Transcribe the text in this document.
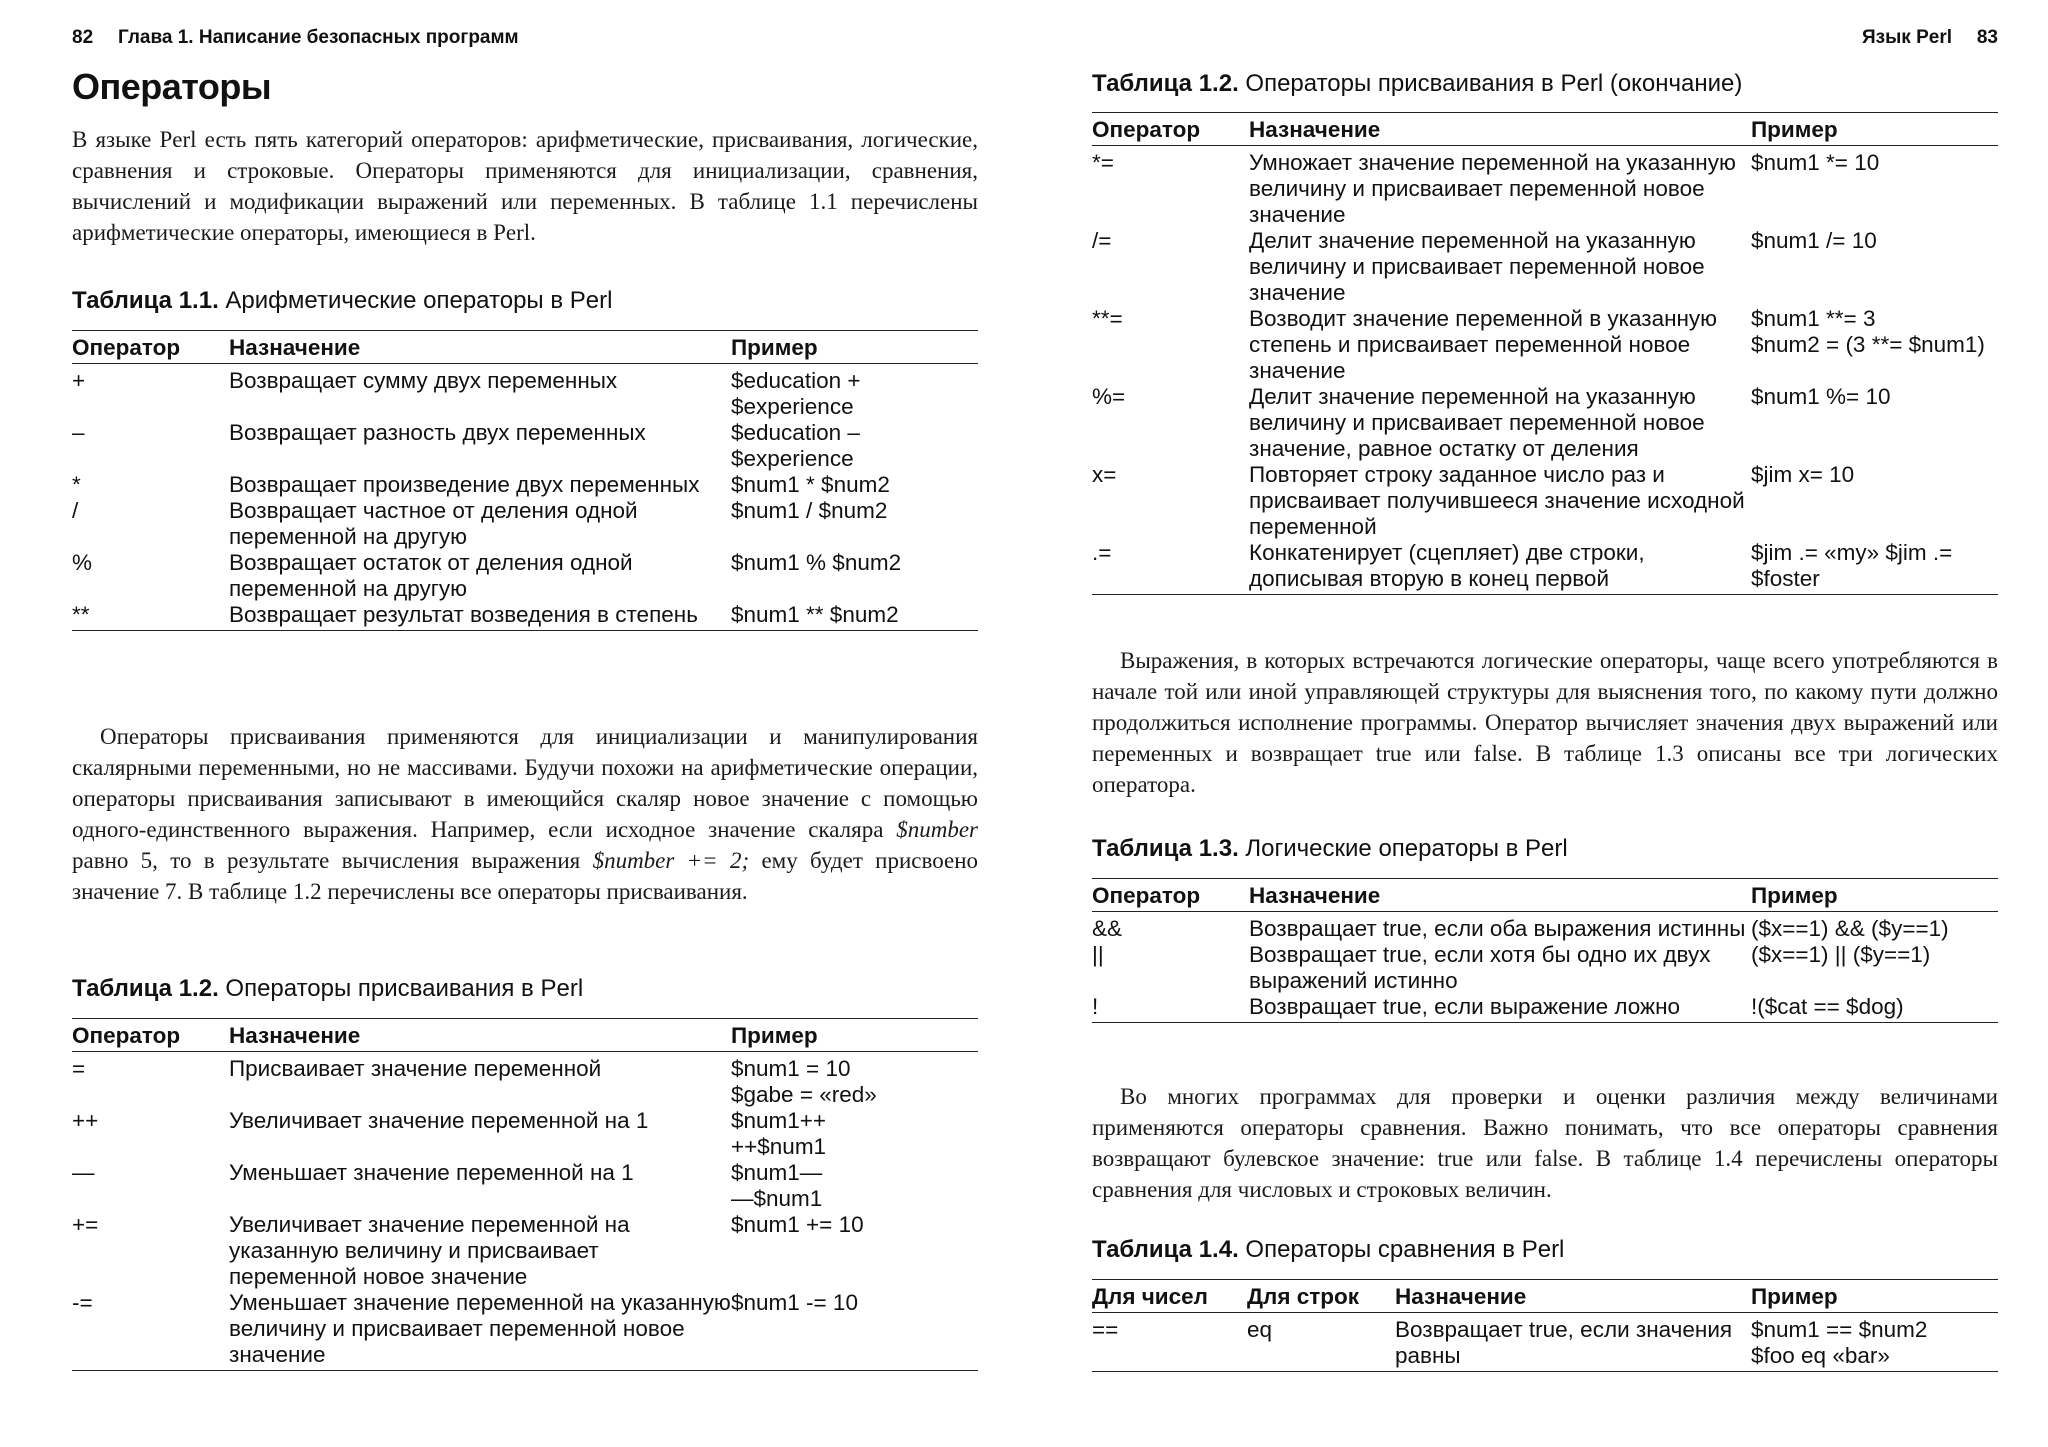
82 Глава 1. Написание безопасных программ
Операторы

В языке Perl есть пять категорий операторов: арифметические, присваивания, логические, сравнения и строковые. Операторы применяются для инициализации, сравнения, вычислений и модификации выражений или переменных. В таблице 1.1 перечислены арифметические операторы, имеющиеся в Perl.

Таблица 1.1. Арифметические операторы в Perl
Оператор	Назначение	Пример
+	Возвращает сумму двух переменных	$education + $experience
–	Возвращает разность двух переменных	$education – $experience
*	Возвращает произведение двух переменных	$num1 * $num2
/	Возвращает частное от деления одной переменной на другую	$num1 / $num2
%	Возвращает остаток от деления одной переменной на другую	$num1 % $num2
**	Возвращает результат возведения в степень	$num1 ** $num2

Операторы присваивания применяются для инициализации и манипулирования скалярными переменными, но не массивами. Будучи похожи на арифметические операции, операторы присваивания записывают в имеющийся скаляр новое значение с помощью одного-единственного выражения. Например, если исходное значение скаляра $number равно 5, то в результате вычисления выражения $number += 2; ему будет присвоено значение 7. В таблице 1.2 перечислены все операторы присваивания.

Таблица 1.2. Операторы присваивания в Perl
Оператор	Назначение	Пример
=	Присваивает значение переменной	$num1 = 10
$gabe = «red»

++	Увеличивает значение переменной на 1	$num1++
++$num1

—	Уменьшает значение переменной на 1	$num1—
—$num1

+=	Увеличивает значение переменной на указанную величину и присваивает переменной новое значение	$num1 += 10

-=	Уменьшает значение переменной на указанную величину и присваивает переменной новое значение	$num1 -= 10
Язык Perl 83
Таблица 1.2. Операторы присваивания в Perl (окончание)
Оператор	Назначение	Пример
*=	Умножает значение переменной на указанную величину и присваивает переменной новое значение	$num1 *= 10

/=	Делит значение переменной на указанную величину и присваивает переменной новое значение	$num1 /= 10

**=	Возводит значение переменной в указанную степень и присваивает переменной новое значение	$num1 **= 3
$num2 = (3 **= $num1)

%=	Делит значение переменной на указанную величину и присваивает переменной новое значение, равное остатку от деления	$num1 %= 10

x=	Повторяет строку заданное число раз и присваивает получившееся значение исходной переменной	$jim x= 10

.=	Конкатенирует (сцепляет) две строки, дописывая вторую в конец первой	$jim .= «my» $jim .= $foster

Выражения, в которых встречаются логические операторы, чаще всего употребляются в начале той или иной управляющей структуры для выяснения того, по какому пути должно продолжиться исполнение программы. Оператор вычисляет значения двух выражений или переменных и возвращает true или false. В таблице 1.3 описаны все три логических оператора.

Таблица 1.3. Логические операторы в Perl
Оператор	Назначение	Пример
&&	Возвращает true, если оба выражения истинны	($x==1) && ($y==1)
||	Возвращает true, если хотя бы одно их двух выражений истинно	($x==1) || ($y==1)
!	Возвращает true, если выражение ложно	!($cat == $dog)

Во многих программах для проверки и оценки различия между величинами применяются операторы сравнения. Важно понимать, что все операторы сравнения возвращают булевское значение: true или false. В таблице 1.4 перечислены операторы сравнения для числовых и строковых величин.

Таблица 1.4. Операторы сравнения в Perl
Для чисел	Для строк	Назначение	Пример
==	eq	Возвращает true, если значения равны	$num1 == $num2
$foo eq «bar»
